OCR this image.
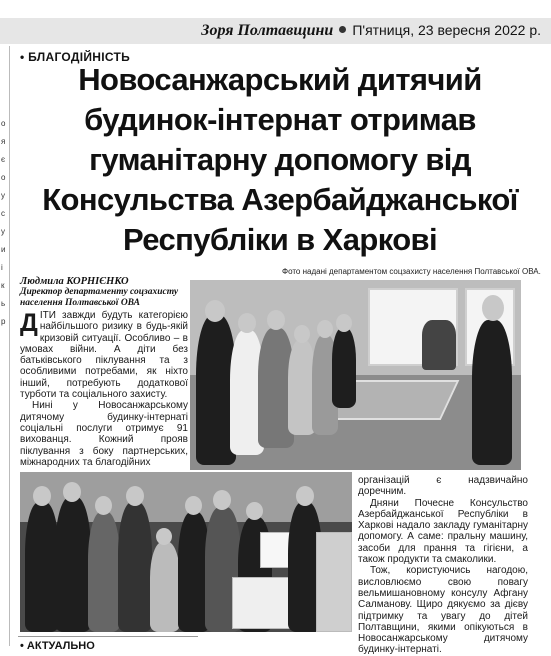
Зоря Полтавщини П'ятниця, 23 вересня 2022 р.
о
я
є
о
у
с
у
и
і
к
ь
р
• БЛАГОДІЙНІСТЬ
Новосанжарський дитячий будинок-інтернат отримав гуманітарну допомогу від Консульства Азербайджанської Республіки в Харкові
Людмила КОРНІЄНКО
Директор департаменту соцзахисту населення Полтавської ОВА
Фото надані департаментом соцзахисту населення Полтавської ОВА.

ДІТИ завжди будуть категорією найбільшого ризику в будь-якій кризовій ситуації. Особливо – в умовах війни. А діти без батьківського піклування та з особливими потребами, як ніхто інший, потребують додаткової турботи та соціального захисту.

Нині у Новосанжарському дитячому будинку-інтернаті соціальні послуги отримує 91 вихованця. Кожний прояв піклування з боку партнерських, міжнародних та благодійних

організацій є надзвичайно доречним.

Дняни Почесне Консульство Азербайджанської Республіки в Харкові надало закладу гуманітарну допомогу. А саме: пральну машину, засоби для прання та гігієни, а також продукти та смаколики.

Тож, користуючись нагодою, висловлюємо свою повагу вельмишановному консулу Афгану Салманову. Щиро дякуємо за дієву підтримку та увагу до дітей Полтавщини, якими опікуються в Новосанжарському дитячому будинку-інтернаті.

• АКТУАЛЬНО
